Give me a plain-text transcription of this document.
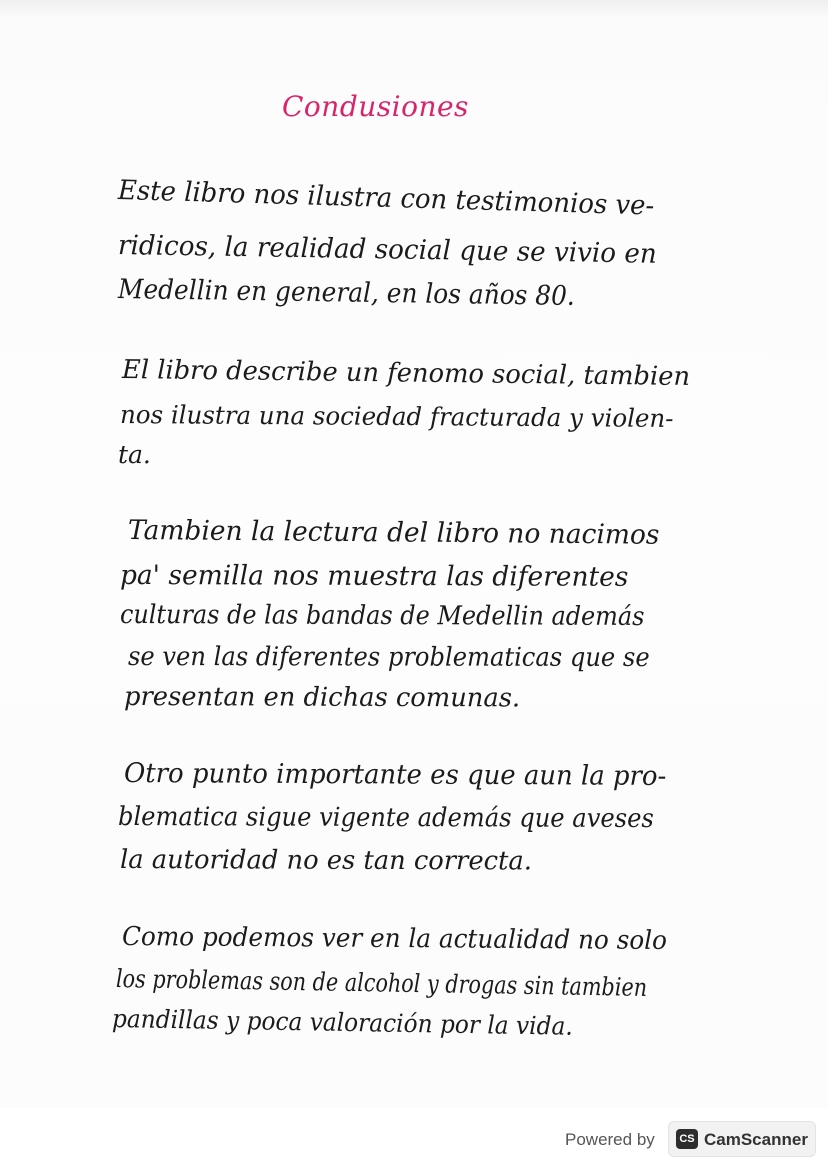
Condusiones
Este libro nos ilustra con testimonios ve-
ridicos, la realidad social que se vivio en
Medellin en general, en los años 80.
El libro describe un fenomo social, tambien
nos ilustra una sociedad fracturada y violen-
ta.
Tambien la lectura del libro no nacimos
pa' semilla nos muestra las diferentes
culturas de las bandas de Medellin además
se ven las diferentes problematicas que se
presentan en dichas comunas.
Otro punto importante es que aun la pro-
blematica sigue vigente además que aveses
la autoridad no es tan correcta.
Como podemos ver en la actualidad no solo
los problemas son de alcohol y drogas sin tambien
pandillas y poca valoración por la vida.
Powered by	CS CamScanner
